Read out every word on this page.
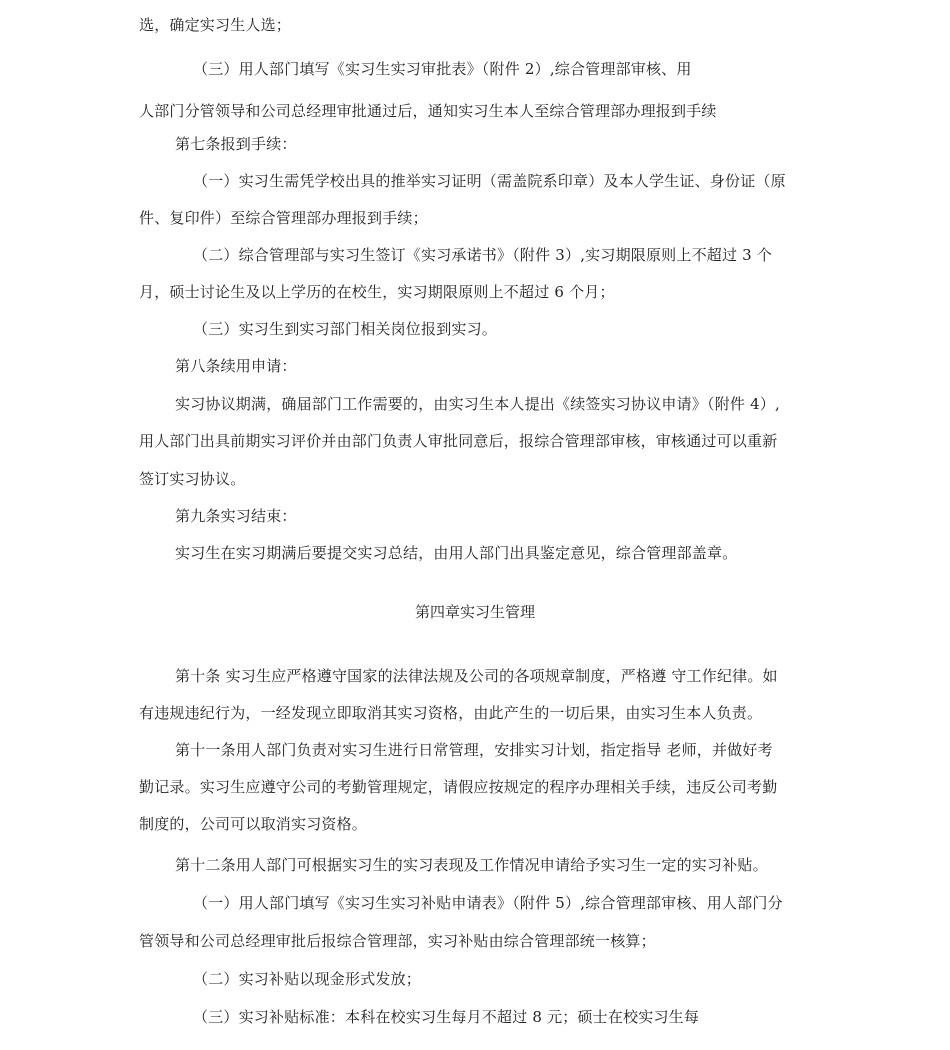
选，确定实习生人选；
（三）用人部门填写《实习生实习审批表》（附件 2）,综合管理部审核、用
人部门分管领导和公司总经理审批通过后，通知实习生本人至综合管理部办理报到手续
第七条报到手续：
（一）实习生需凭学校出具的推举实习证明（需盖院系印章）及本人学生证、身份证（原
件、复印件）至综合管理部办理报到手续；
（二）综合管理部与实习生签订《实习承诺书》（附件 3）,实习期限原则上不超过 3 个
月，硕士讨论生及以上学历的在校生，实习期限原则上不超过 6 个月；
（三）实习生到实习部门相关岗位报到实习。
第八条续用申请：
实习协议期满，确届部门工作需要的，由实习生本人提出《续签实习协议申请》（附件 4）,
用人部门出具前期实习评价并由部门负责人审批同意后，报综合管理部审核，审核通过可以重新
签订实习协议。
第九条实习结束：
实习生在实习期满后要提交实习总结，由用人部门出具鉴定意见，综合管理部盖章。
第四章实习生管理
第十条 实习生应严格遵守国家的法律法规及公司的各项规章制度，严格遵 守工作纪律。如
有违规违纪行为，一经发现立即取消其实习资格，由此产生的一切后果，由实习生本人负责。
第十一条用人部门负责对实习生进行日常管理，安排实习计划，指定指导 老师，并做好考
勤记录。实习生应遵守公司的考勤管理规定，请假应按规定的程序办理相关手续，违反公司考勤
制度的，公司可以取消实习资格。
第十二条用人部门可根据实习生的实习表现及工作情况申请给予实习生一定的实习补贴。
（一）用人部门填写《实习生实习补贴申请表》（附件 5）,综合管理部审核、用人部门分
管领导和公司总经理审批后报综合管理部，实习补贴由综合管理部统一核算；
（二）实习补贴以现金形式发放；
（三）实习补贴标准：本科在校实习生每月不超过 8 元；硕士在校实习生每
